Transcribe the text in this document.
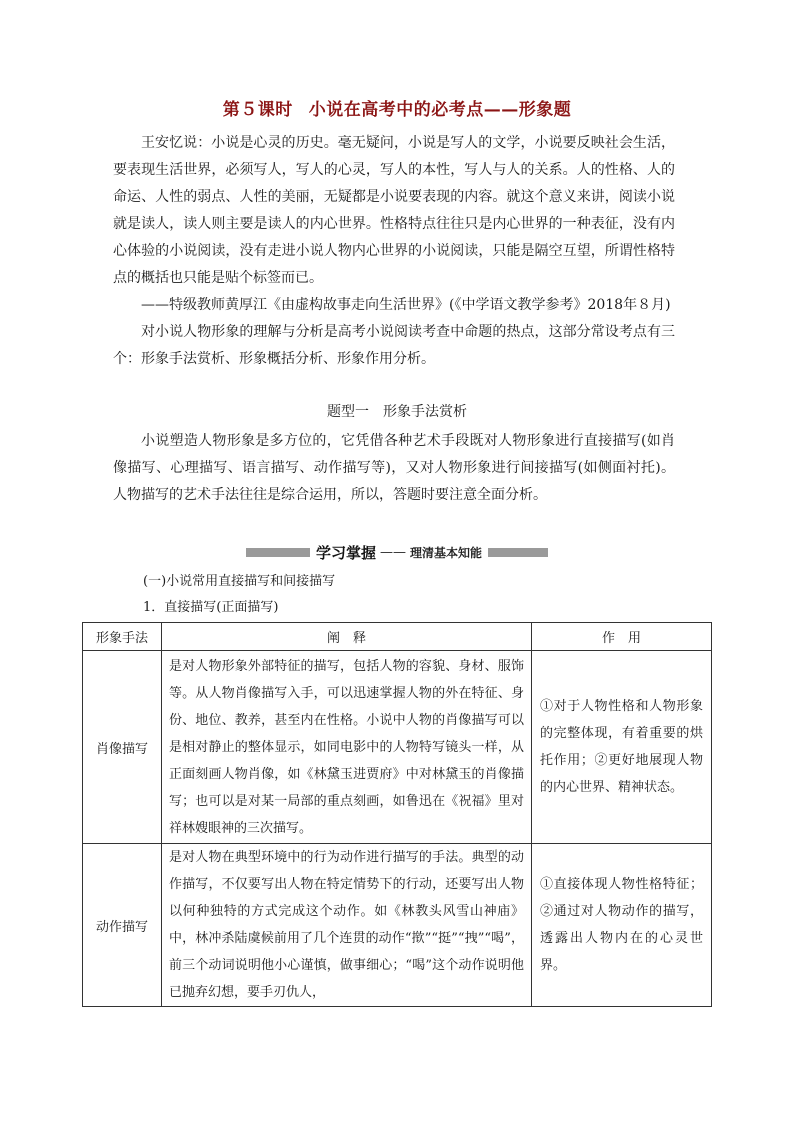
第５课时 小说在高考中的必考点——形象题

王安忆说：小说是心灵的历史。毫无疑问，小说是写人的文学，小说要反映社会生活，要表现生活世界，必须写人，写人的心灵，写人的本性，写人与人的关系。人的性格、人的命运、人性的弱点、人性的美丽，无疑都是小说要表现的内容。就这个意义来讲，阅读小说就是读人，读人则主要是读人的内心世界。性格特点往往只是内心世界的一种表征，没有内心体验的小说阅读，没有走进小说人物内心世界的小说阅读，只能是隔空互望，所谓性格特点的概括也只能是贴个标签而已。

——特级教师黄厚江《由虚构故事走向生活世界》(《中学语文教学参考》2018年８月)

对小说人物形象的理解与分析是高考小说阅读考查中命题的热点，这部分常设考点有三个：形象手法赏析、形象概括分析、形象作用分析。

题型一　形象手法赏析

小说塑造人物形象是多方位的，它凭借各种艺术手段既对人物形象进行直接描写(如肖像描写、心理描写、语言描写、动作描写等)，又对人物形象进行间接描写(如侧面衬托)。人物描写的艺术手法往往是综合运用，所以，答题时要注意全面分析。

学习掌握 —— 理清基本知能
(一)小说常用直接描写和间接描写
1．直接描写(正面描写)
形象手法	阐　释	作　用
肖像描写	是对人物形象外部特征的描写，包括人物的容貌、身材、服饰等。从人物肖像描写入手，可以迅速掌握人物的外在特征、身份、地位、教养，甚至内在性格。小说中人物的肖像描写可以是相对静止的整体显示，如同电影中的人物特写镜头一样，从正面刻画人物肖像，如《林黛玉进贾府》中对林黛玉的肖像描写；也可以是对某一局部的重点刻画，如鲁迅在《祝福》里对祥林嫂眼神的三次描写。	①对于人物性格和人物形象的完整体现，有着重要的烘托作用；②更好地展现人物的内心世界、精神状态。
动作描写	是对人物在典型环境中的行为动作进行描写的手法。典型的动作描写，不仅要写出人物在特定情势下的行动，还要写出人物以何种独特的方式完成这个动作。如《林教头风雪山神庙》中，林冲杀陆虞候前用了几个连贯的动作“揿”“挺”“拽”“喝”，前三个动词说明他小心谨慎，做事细心；“喝”这个动作说明他已抛弃幻想，要手刃仇人，	①直接体现人物性格特征；②通过对人物动作的描写，透露出人物内在的心灵世界。
